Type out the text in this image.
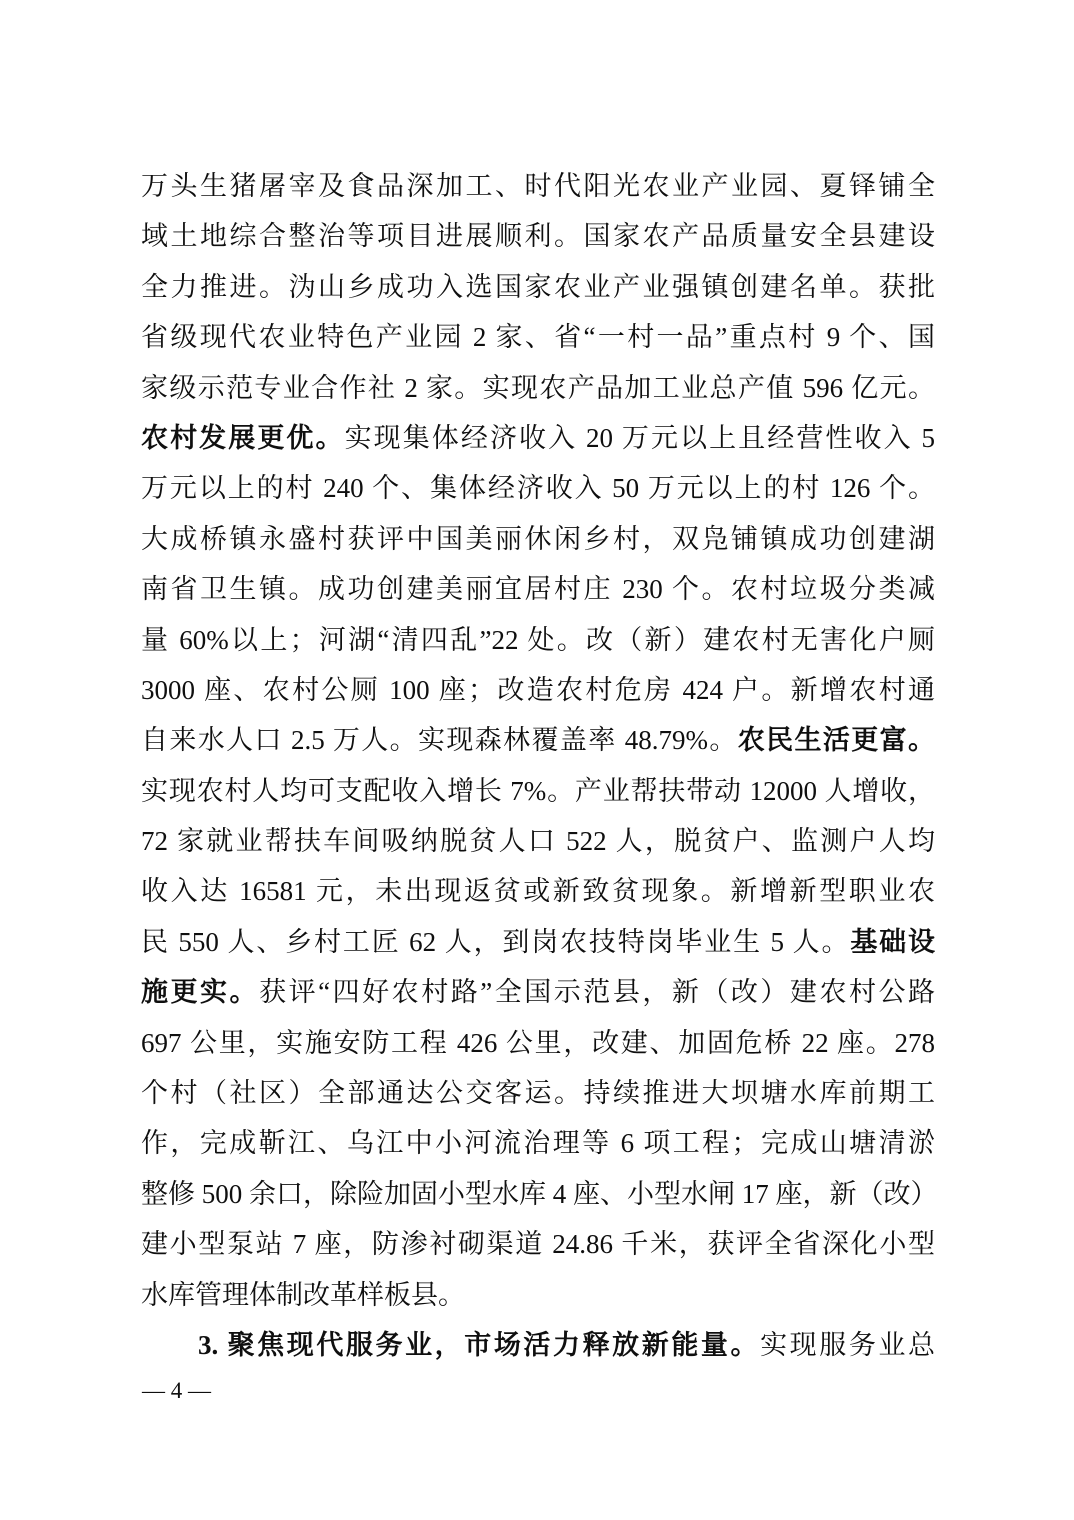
万头生猪屠宰及食品深加工、时代阳光农业产业园、夏铎铺全
域土地综合整治等项目进展顺利。国家农产品质量安全县建设
全力推进。沩山乡成功入选国家农业产业强镇创建名单。获批
省级现代农业特色产业园 2 家、省“一村一品”重点村 9 个、国
家级示范专业合作社 2 家。实现农产品加工业总产值 596 亿元。
农村发展更优。实现集体经济收入 20 万元以上且经营性收入 5
万元以上的村 240 个、集体经济收入 50 万元以上的村 126 个。
大成桥镇永盛村获评中国美丽休闲乡村，双凫铺镇成功创建湖
南省卫生镇。成功创建美丽宜居村庄 230 个。农村垃圾分类减
量 60%以上；河湖“清四乱”22 处。改（新）建农村无害化户厕
3000 座、农村公厕 100 座；改造农村危房 424 户。新增农村通
自来水人口 2.5 万人。实现森林覆盖率 48.79%。农民生活更富。
实现农村人均可支配收入增长 7%。产业帮扶带动 12000 人增收，
72 家就业帮扶车间吸纳脱贫人口 522 人，脱贫户、监测户人均
收入达 16581 元，未出现返贫或新致贫现象。新增新型职业农
民 550 人、乡村工匠 62 人，到岗农技特岗毕业生 5 人。基础设
施更实。获评“四好农村路”全国示范县，新（改）建农村公路
697 公里，实施安防工程 426 公里，改建、加固危桥 22 座。278
个村（社区）全部通达公交客运。持续推进大坝塘水库前期工
作，完成靳江、乌江中小河流治理等 6 项工程；完成山塘清淤
整修 500 余口，除险加固小型水库 4 座、小型水闸 17 座，新（改）
建小型泵站 7 座，防渗衬砌渠道 24.86 千米，获评全省深化小型
水库管理体制改革样板县。
3. 聚焦现代服务业，市场活力释放新能量。实现服务业总
— 4 —
